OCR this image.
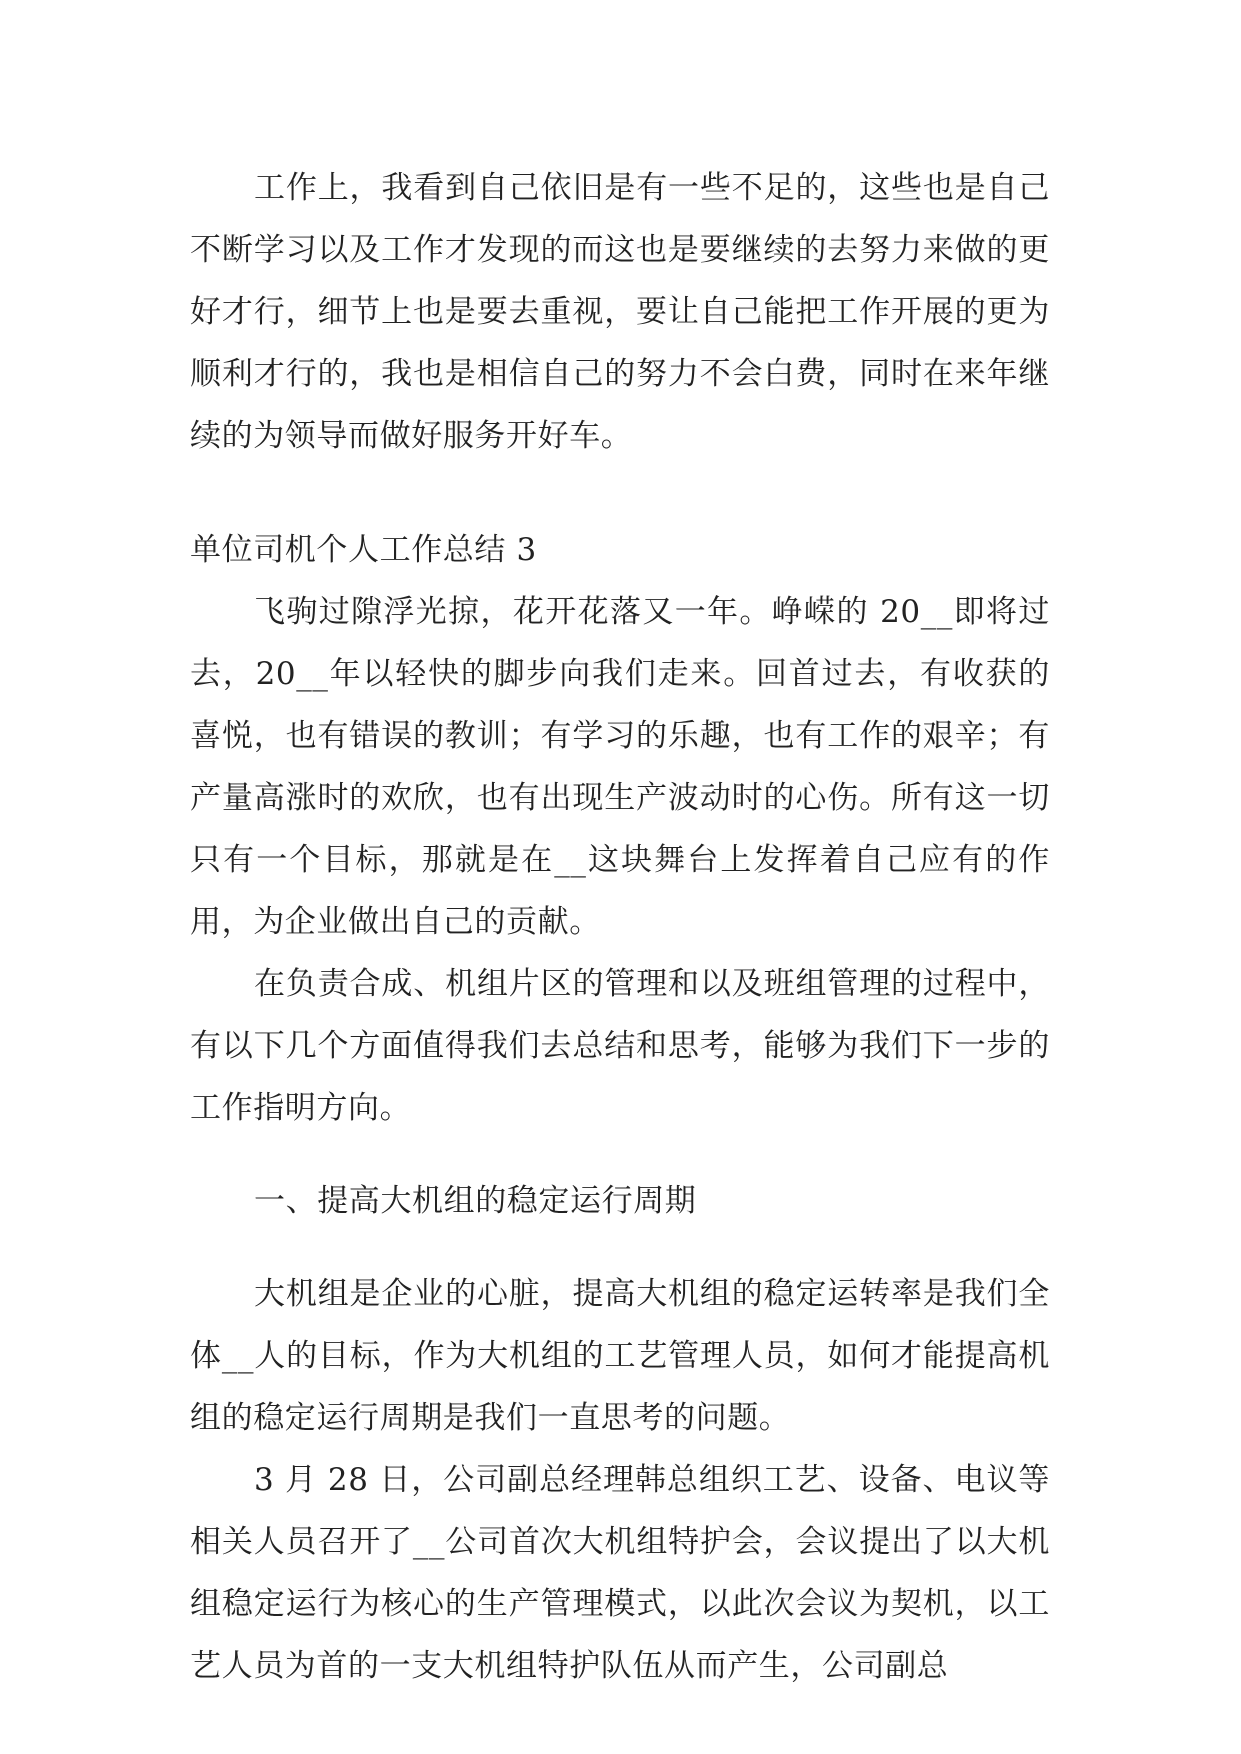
工作上，我看到自己依旧是有一些不足的，这些也是自己不断学习以及工作才发现的而这也是要继续的去努力来做的更好才行，细节上也是要去重视，要让自己能把工作开展的更为顺利才行的，我也是相信自己的努力不会白费，同时在来年继续的为领导而做好服务开好车。

单位司机个人工作总结 3

飞驹过隙浮光掠，花开花落又一年。峥嵘的 20__即将过去，20__年以轻快的脚步向我们走来。回首过去，有收获的喜悦，也有错误的教训；有学习的乐趣，也有工作的艰辛；有产量高涨时的欢欣，也有出现生产波动时的心伤。所有这一切只有一个目标，那就是在__这块舞台上发挥着自己应有的作用，为企业做出自己的贡献。

在负责合成、机组片区的管理和以及班组管理的过程中，有以下几个方面值得我们去总结和思考，能够为我们下一步的工作指明方向。

一、提高大机组的稳定运行周期

大机组是企业的心脏，提高大机组的稳定运转率是我们全体__人的目标，作为大机组的工艺管理人员，如何才能提高机组的稳定运行周期是我们一直思考的问题。

3 月 28 日，公司副总经理韩总组织工艺、设备、电议等相关人员召开了__公司首次大机组特护会，会议提出了以大机组稳定运行为核心的生产管理模式，以此次会议为契机，以工艺人员为首的一支大机组特护队伍从而产生，公司副总
